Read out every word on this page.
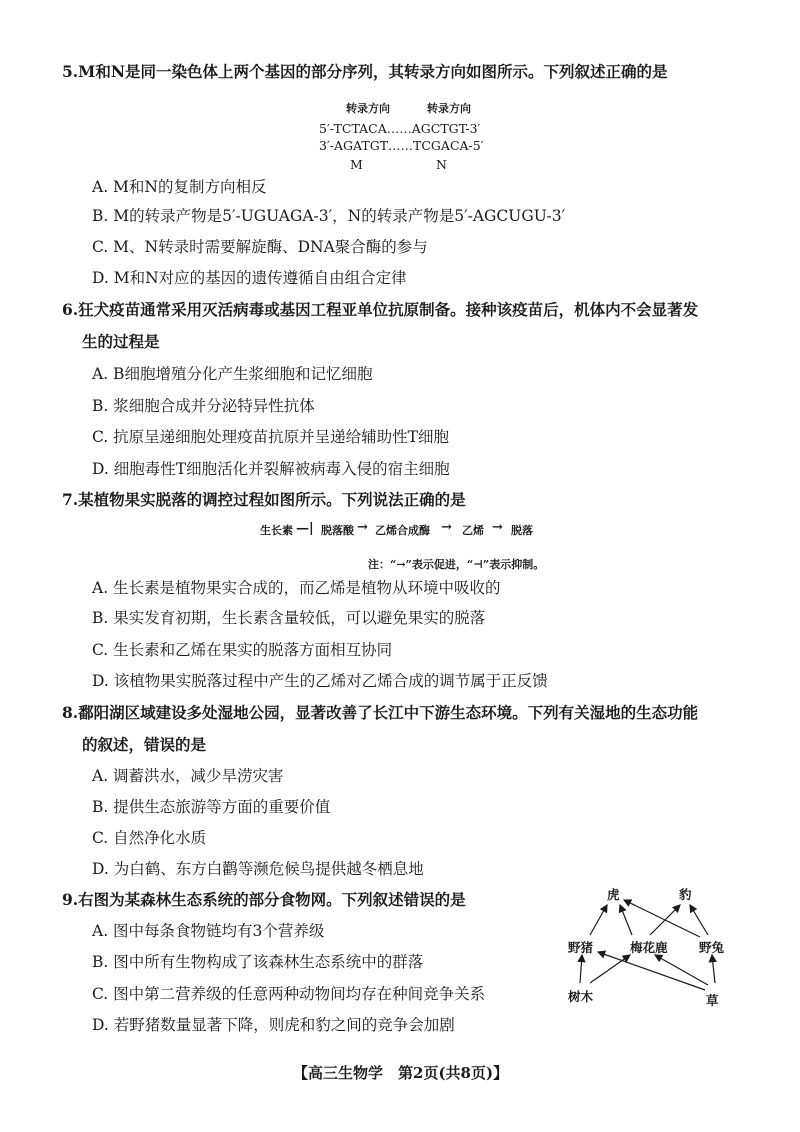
5.M和N是同一染色体上两个基因的部分序列，其转录方向如图所示。下列叙述正确的是
转录方向	转录方向
5′-TCTACA……AGCTGT-3′
3′-AGATGT……TCGACA-5′
M	N
A. M和N的复制方向相反
B. M的转录产物是5′-UGUAGA-3′，N的转录产物是5′-AGCUGU-3′
C. M、N转录时需要解旋酶、DNA聚合酶的参与
D. M和N对应的基因的遗传遵循自由组合定律
6.狂犬疫苗通常采用灭活病毒或基因工程亚单位抗原制备。接种该疫苗后，机体内不会显著发
生的过程是
A. B细胞增殖分化产生浆细胞和记忆细胞
B. 浆细胞合成并分泌特异性抗体
C. 抗原呈递细胞处理疫苗抗原并呈递给辅助性T细胞
D. 细胞毒性T细胞活化并裂解被病毒入侵的宿主细胞
7.某植物果实脱落的调控过程如图所示。下列说法正确的是
生长素 —| 脱落酸 → 乙烯合成酶 → 乙烯 → 脱落
注：“→”表示促进，“⊣”表示抑制。
A. 生长素是植物果实合成的，而乙烯是植物从环境中吸收的
B. 果实发育初期，生长素含量较低，可以避免果实的脱落
C. 生长素和乙烯在果实的脱落方面相互协同
D. 该植物果实脱落过程中产生的乙烯对乙烯合成的调节属于正反馈
8.鄱阳湖区域建设多处湿地公园，显著改善了长江中下游生态环境。下列有关湿地的生态功能
的叙述，错误的是
A. 调蓄洪水，减少旱涝灾害
B. 提供生态旅游等方面的重要价值
C. 自然净化水质
D. 为白鹤、东方白鹳等濒危候鸟提供越冬栖息地
9.右图为某森林生态系统的部分食物网。下列叙述错误的是
A. 图中每条食物链均有3个营养级
B. 图中所有生物构成了该森林生态系统中的群落
C. 图中第二营养级的任意两种动物间均存在种间竞争关系
D. 若野猪数量显著下降，则虎和豹之间的竞争会加剧
虎	豹
野猪	梅花鹿	野兔
树木	草
【高三生物学　第2页(共8页)】
